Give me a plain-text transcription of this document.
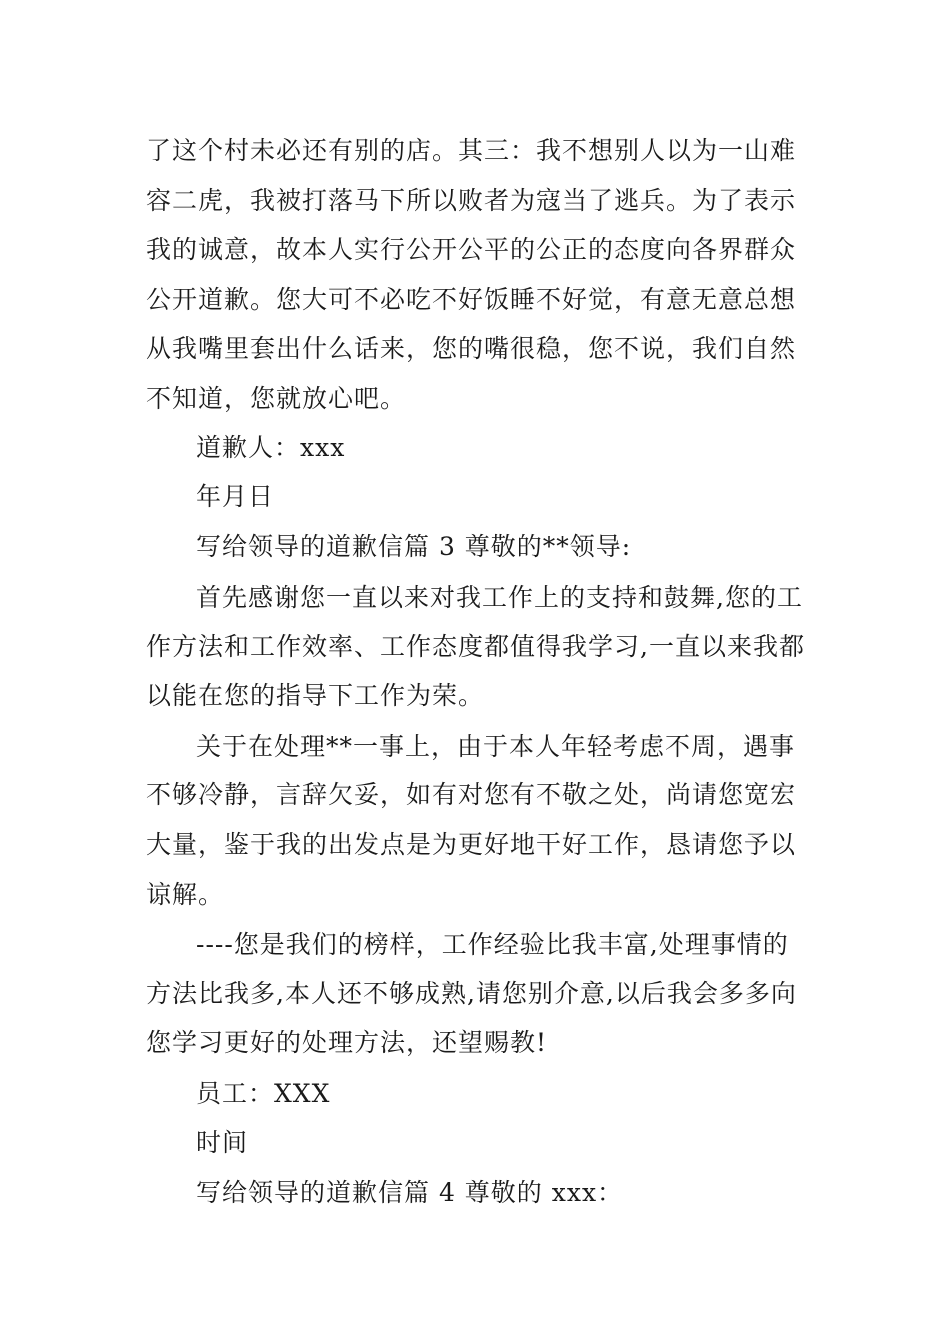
了这个村未必还有别的店。其三：我不想别人以为一山难
容二虎，我被打落马下所以败者为寇当了逃兵。为了表示
我的诚意，故本人实行公开公平的公正的态度向各界群众
公开道歉。您大可不必吃不好饭睡不好觉，有意无意总想
从我嘴里套出什么话来，您的嘴很稳，您不说，我们自然
不知道，您就放心吧。
道歉人：xxx
年月日
写给领导的道歉信篇 3 尊敬的**领导:
首先感谢您一直以来对我工作上的支持和鼓舞,您的工
作方法和工作效率、工作态度都值得我学习,一直以来我都
以能在您的指导下工作为荣。
关于在处理**一事上，由于本人年轻考虑不周，遇事
不够冷静，言辞欠妥，如有对您有不敬之处，尚请您宽宏
大量，鉴于我的出发点是为更好地干好工作，恳请您予以
谅解。
----您是我们的榜样，工作经验比我丰富,处理事情的
方法比我多,本人还不够成熟,请您别介意,以后我会多多向
您学习更好的处理方法，还望赐教!
员工：XXX
时间
写给领导的道歉信篇 4 尊敬的 xxx：
